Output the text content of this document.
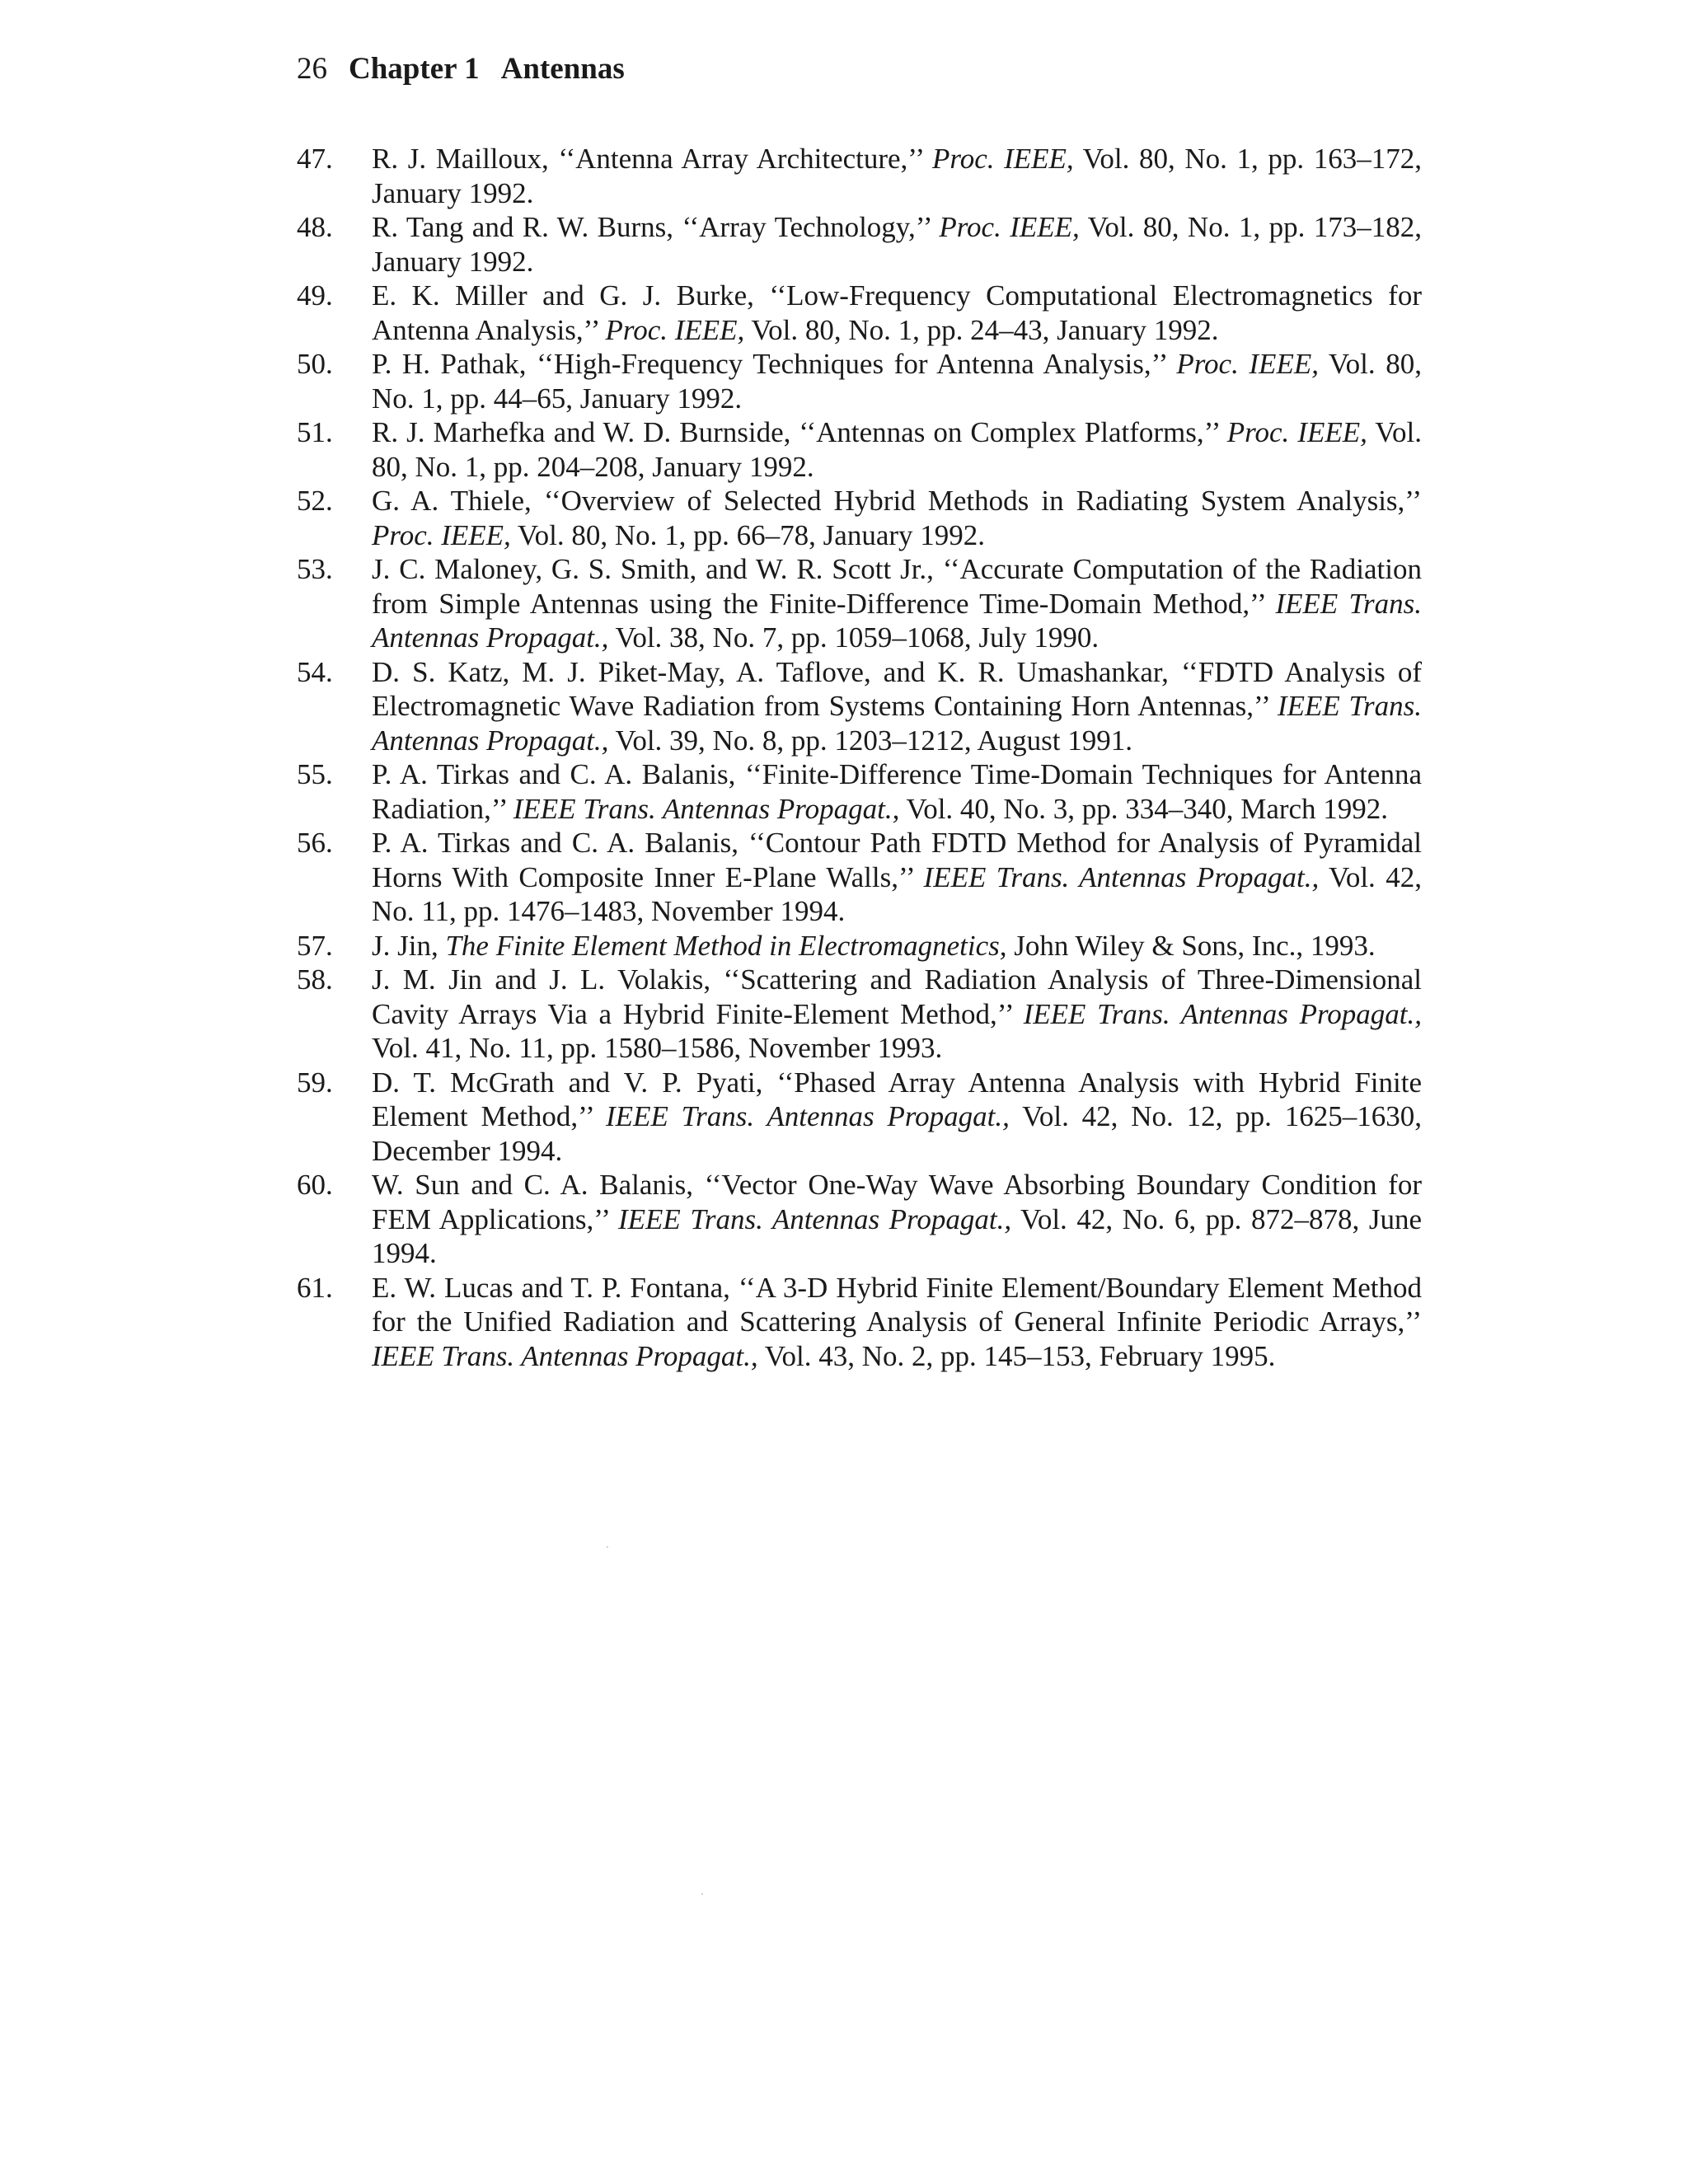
26 Chapter 1 Antennas
47. R. J. Mailloux, ‘‘Antenna Array Architecture,’’ Proc. IEEE, Vol. 80, No. 1, pp. 163–172, January 1992.
48. R. Tang and R. W. Burns, ‘‘Array Technology,’’ Proc. IEEE, Vol. 80, No. 1, pp. 173–182, January 1992.
49. E. K. Miller and G. J. Burke, ‘‘Low-Frequency Computational Electromagnetics for Antenna Analysis,’’ Proc. IEEE, Vol. 80, No. 1, pp. 24–43, January 1992.
50. P. H. Pathak, ‘‘High-Frequency Techniques for Antenna Analysis,’’ Proc. IEEE, Vol. 80, No. 1, pp. 44–65, January 1992.
51. R. J. Marhefka and W. D. Burnside, ‘‘Antennas on Complex Platforms,’’ Proc. IEEE, Vol. 80, No. 1, pp. 204–208, January 1992.
52. G. A. Thiele, ‘‘Overview of Selected Hybrid Methods in Radiating System Analysis,’’ Proc. IEEE, Vol. 80, No. 1, pp. 66–78, January 1992.
53. J. C. Maloney, G. S. Smith, and W. R. Scott Jr., ‘‘Accurate Computation of the Radiation from Simple Antennas using the Finite-Difference Time-Domain Method,’’ IEEE Trans. Antennas Propagat., Vol. 38, No. 7, pp. 1059–1068, July 1990.
54. D. S. Katz, M. J. Piket-May, A. Taflove, and K. R. Umashankar, ‘‘FDTD Analysis of Electromagnetic Wave Radiation from Systems Containing Horn Antennas,’’ IEEE Trans. Antennas Propagat., Vol. 39, No. 8, pp. 1203–1212, August 1991.
55. P. A. Tirkas and C. A. Balanis, ‘‘Finite-Difference Time-Domain Techniques for Antenna Radiation,’’ IEEE Trans. Antennas Propagat., Vol. 40, No. 3, pp. 334–340, March 1992.
56. P. A. Tirkas and C. A. Balanis, ‘‘Contour Path FDTD Method for Analysis of Pyramidal Horns With Composite Inner E-Plane Walls,’’ IEEE Trans. Antennas Propagat., Vol. 42, No. 11, pp. 1476–1483, November 1994.
57. J. Jin, The Finite Element Method in Electromagnetics, John Wiley & Sons, Inc., 1993.
58. J. M. Jin and J. L. Volakis, ‘‘Scattering and Radiation Analysis of Three-Dimensional Cavity Arrays Via a Hybrid Finite-Element Method,’’ IEEE Trans. Antennas Propagat., Vol. 41, No. 11, pp. 1580–1586, November 1993.
59. D. T. McGrath and V. P. Pyati, ‘‘Phased Array Antenna Analysis with Hybrid Finite Element Method,’’ IEEE Trans. Antennas Propagat., Vol. 42, No. 12, pp. 1625–1630, December 1994.
60. W. Sun and C. A. Balanis, ‘‘Vector One-Way Wave Absorbing Boundary Condition for FEM Applications,’’ IEEE Trans. Antennas Propagat., Vol. 42, No. 6, pp. 872–878, June 1994.
61. E. W. Lucas and T. P. Fontana, ‘‘A 3-D Hybrid Finite Element/Boundary Element Method for the Unified Radiation and Scattering Analysis of General Infinite Periodic Arrays,’’ IEEE Trans. Antennas Propagat., Vol. 43, No. 2, pp. 145–153, February 1995.
